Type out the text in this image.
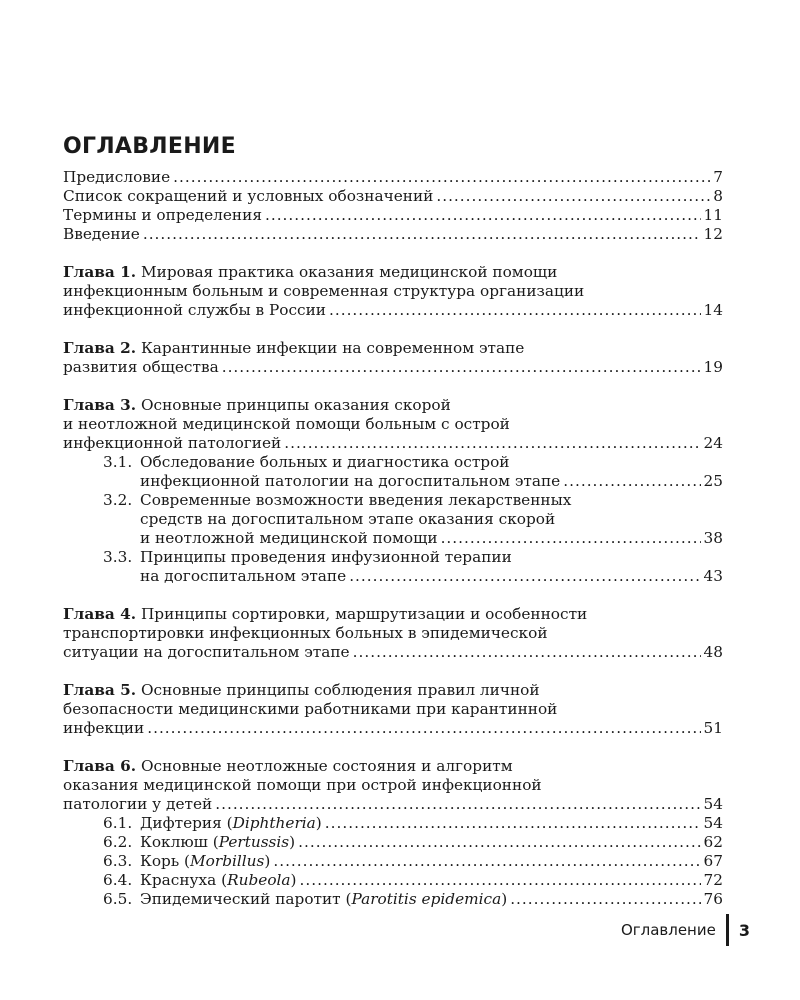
ОГЛАВЛЕНИЕ
Предисловие .....	7
Список сокращений и условных обозначений .....	8
Термины и определения .....	11
Введение .....	12
Глава 1. Мировая практика оказания медицинской помощи
инфекционным больным и современная структура организации
инфекционной службы в России .....	14
Глава 2. Карантинные инфекции на современном этапе
развития общества .....	19
Глава 3. Основные принципы оказания скорой
и неотложной медицинской помощи больным с острой
инфекционной патологией .....	24
3.1. Обследование больных и диагностика острой
инфекционной патологии на догоспитальном этапе .....	25
3.2. Современные возможности введения лекарственных
средств на догоспитальном этапе оказания скорой
и неотложной медицинской помощи .....	38
3.3. Принципы проведения инфузионной терапии
на догоспитальном этапе .....	43
Глава 4. Принципы сортировки, маршрутизации и особенности
транспортировки инфекционных больных в эпидемической
ситуации на догоспитальном этапе .....	48
Глава 5. Основные принципы соблюдения правил личной
безопасности медицинскими работниками при карантинной
инфекции .....	51
Глава 6. Основные неотложные состояния и алгоритм
оказания медицинской помощи при острой инфекционной
патологии у детей .....	54
6.1. Дифтерия (Diphtheria) .....	54
6.2. Коклюш (Pertussis) .....	62
6.3. Корь (Morbillus) .....	67
6.4. Краснуха (Rubeola) .....	72
6.5. Эпидемический паротит (Parotitis epidemica) .....	76
Оглавление	3
